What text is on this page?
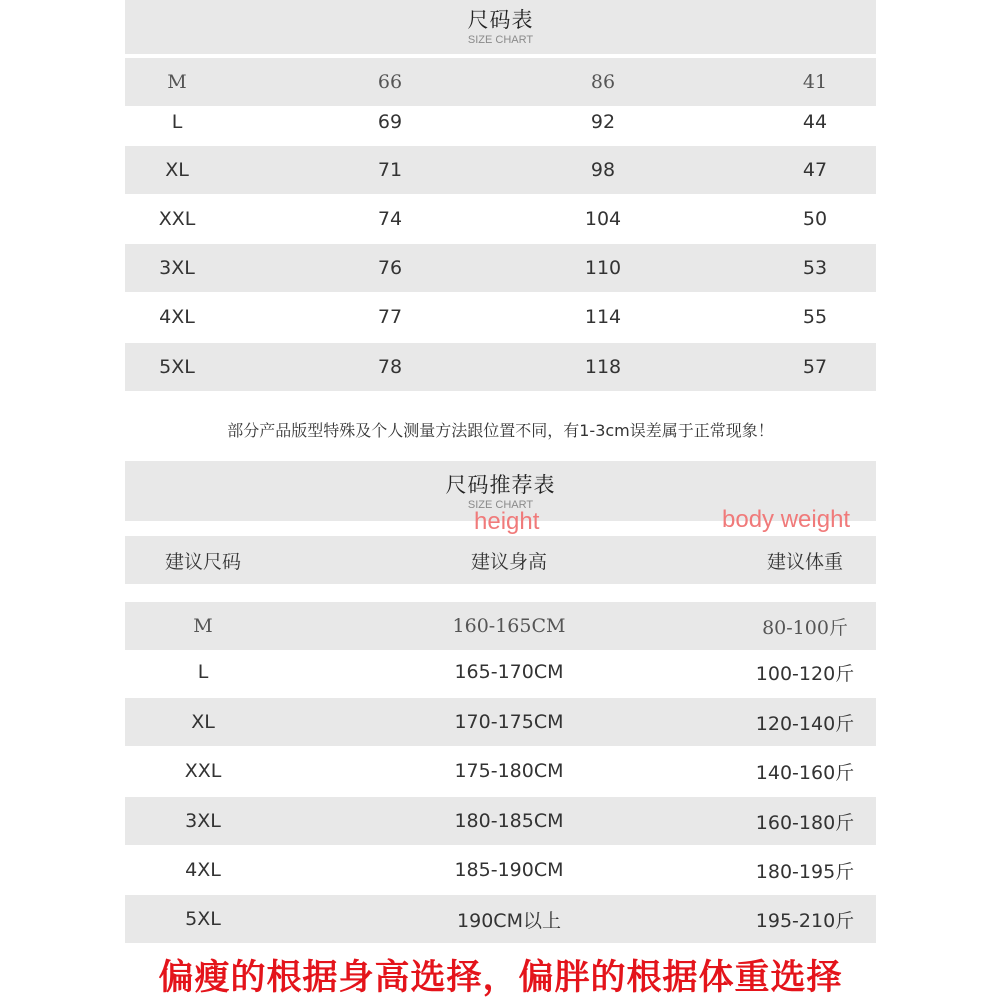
尺码表
SIZE CHART
M	66	86	41
L	69	92	44
XL	71	98	47
XXL	74	104	50
3XL	76	110	53
4XL	77	114	55
5XL	78	118	57
部分产品版型特殊及个人测量方法跟位置不同，有1-3cm误差属于正常现象！
尺码推荐表
SIZE CHART
height	body weight
建议尺码	建议身高	建议体重
M	160-165CM	80-100斤
L	165-170CM	100-120斤
XL	170-175CM	120-140斤
XXL	175-180CM	140-160斤
3XL	180-185CM	160-180斤
4XL	185-190CM	180-195斤
5XL	190CM以上	195-210斤
偏瘦的根据身高选择，偏胖的根据体重选择
